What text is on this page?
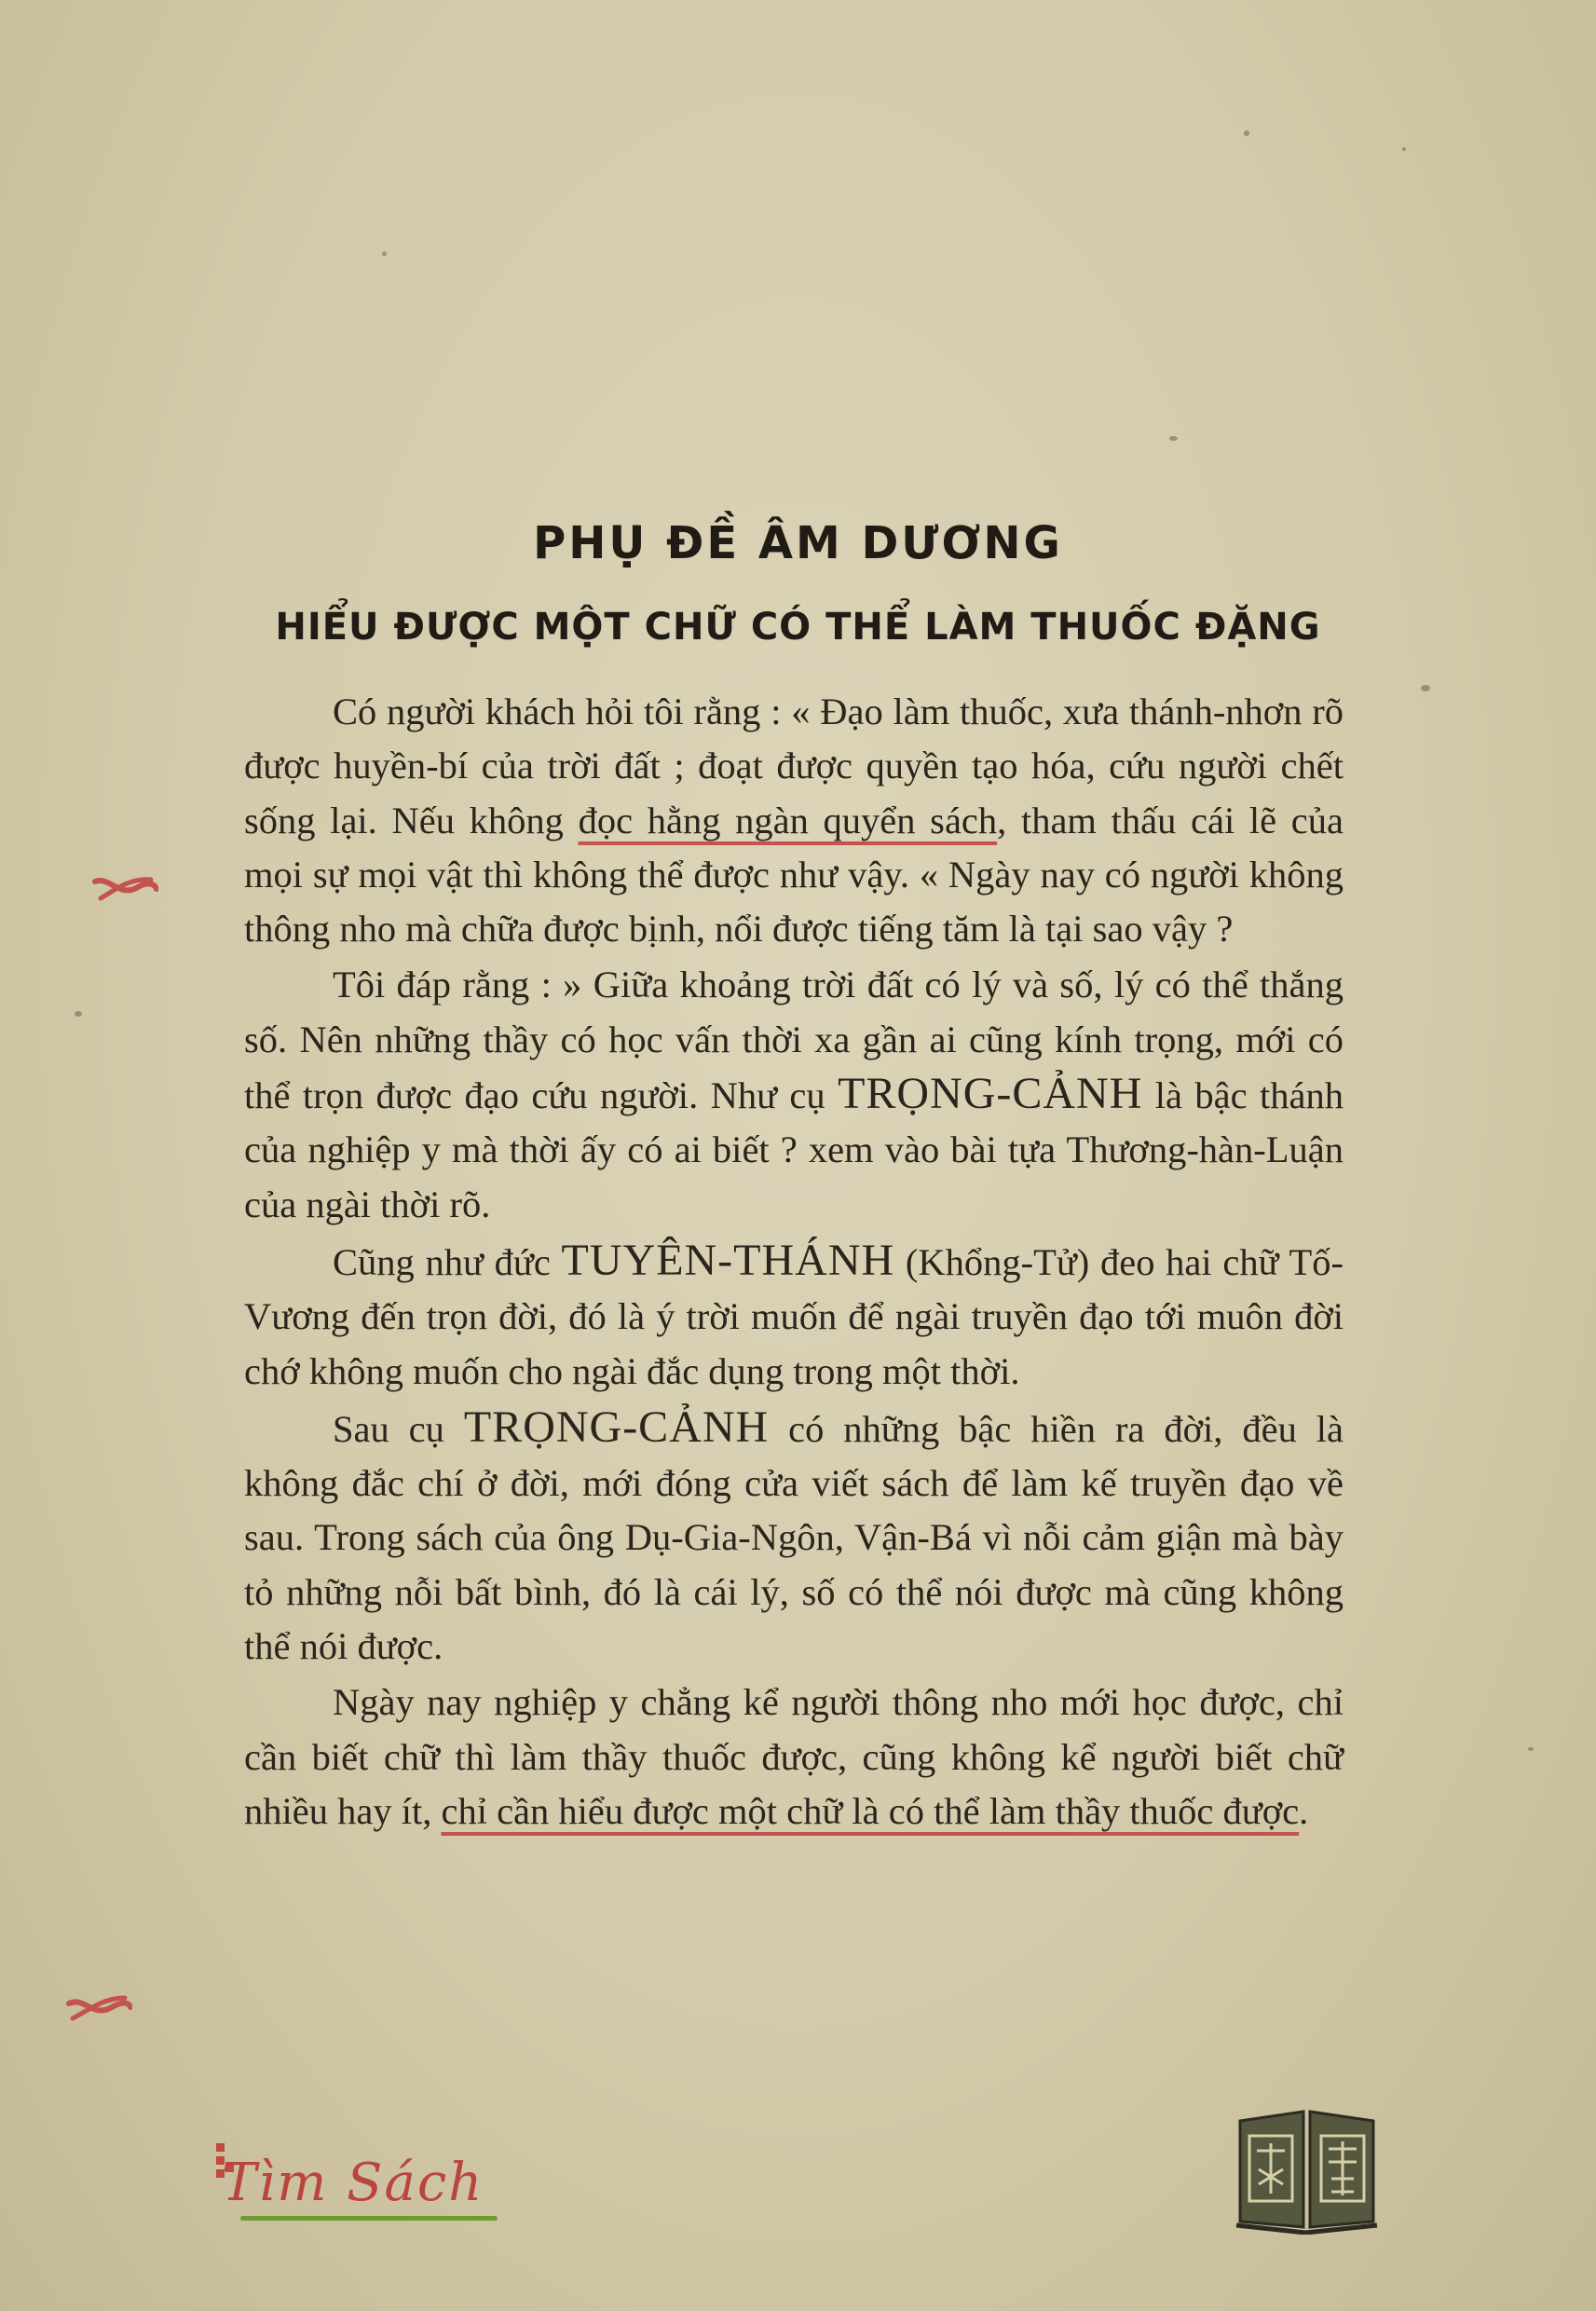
PHỤ ĐỀ ÂM DƯƠNG
HIỂU ĐƯỢC MỘT CHỮ CÓ THỂ LÀM THUỐC ĐẶNG

Có người khách hỏi tôi rằng : « Đạo làm thuốc, xưa thánh-nhơn rõ được huyền-bí của trời đất ; đoạt được quyền tạo hóa, cứu người chết sống lại. Nếu không đọc hằng ngàn quyển sách, tham thấu cái lẽ của mọi sự mọi vật thì không thể được như vậy. « Ngày nay có người không thông nho mà chữa được bịnh, nổi được tiếng tăm là tại sao vậy ?

Tôi đáp rằng : » Giữa khoảng trời đất có lý và số, lý có thể thắng số. Nên những thầy có học vấn thời xa gần ai cũng kính trọng, mới có thể trọn được đạo cứu người. Như cụ TRỌNG-CẢNH là bậc thánh của nghiệp y mà thời ấy có ai biết ? xem vào bài tựa Thương-hàn-Luận của ngài thời rõ.

Cũng như đức TUYÊN-THÁNH (Khổng-Tử) đeo hai chữ Tố-Vương đến trọn đời, đó là ý trời muốn để ngài truyền đạo tới muôn đời chớ không muốn cho ngài đắc dụng trong một thời.

Sau cụ TRỌNG-CẢNH có những bậc hiền ra đời, đều là không đắc chí ở đời, mới đóng cửa viết sách để làm kế truyền đạo về sau. Trong sách của ông Dụ-Gia-Ngôn, Vận-Bá vì nỗi cảm giận mà bày tỏ những nỗi bất bình, đó là cái lý, số có thể nói được mà cũng không thể nói được.

Ngày nay nghiệp y chẳng kể người thông nho mới học được, chỉ cần biết chữ thì làm thầy thuốc được, cũng không kể người biết chữ nhiều hay ít, chỉ cần hiểu được một chữ là có thể làm thầy thuốc được.

Tìm Sách
